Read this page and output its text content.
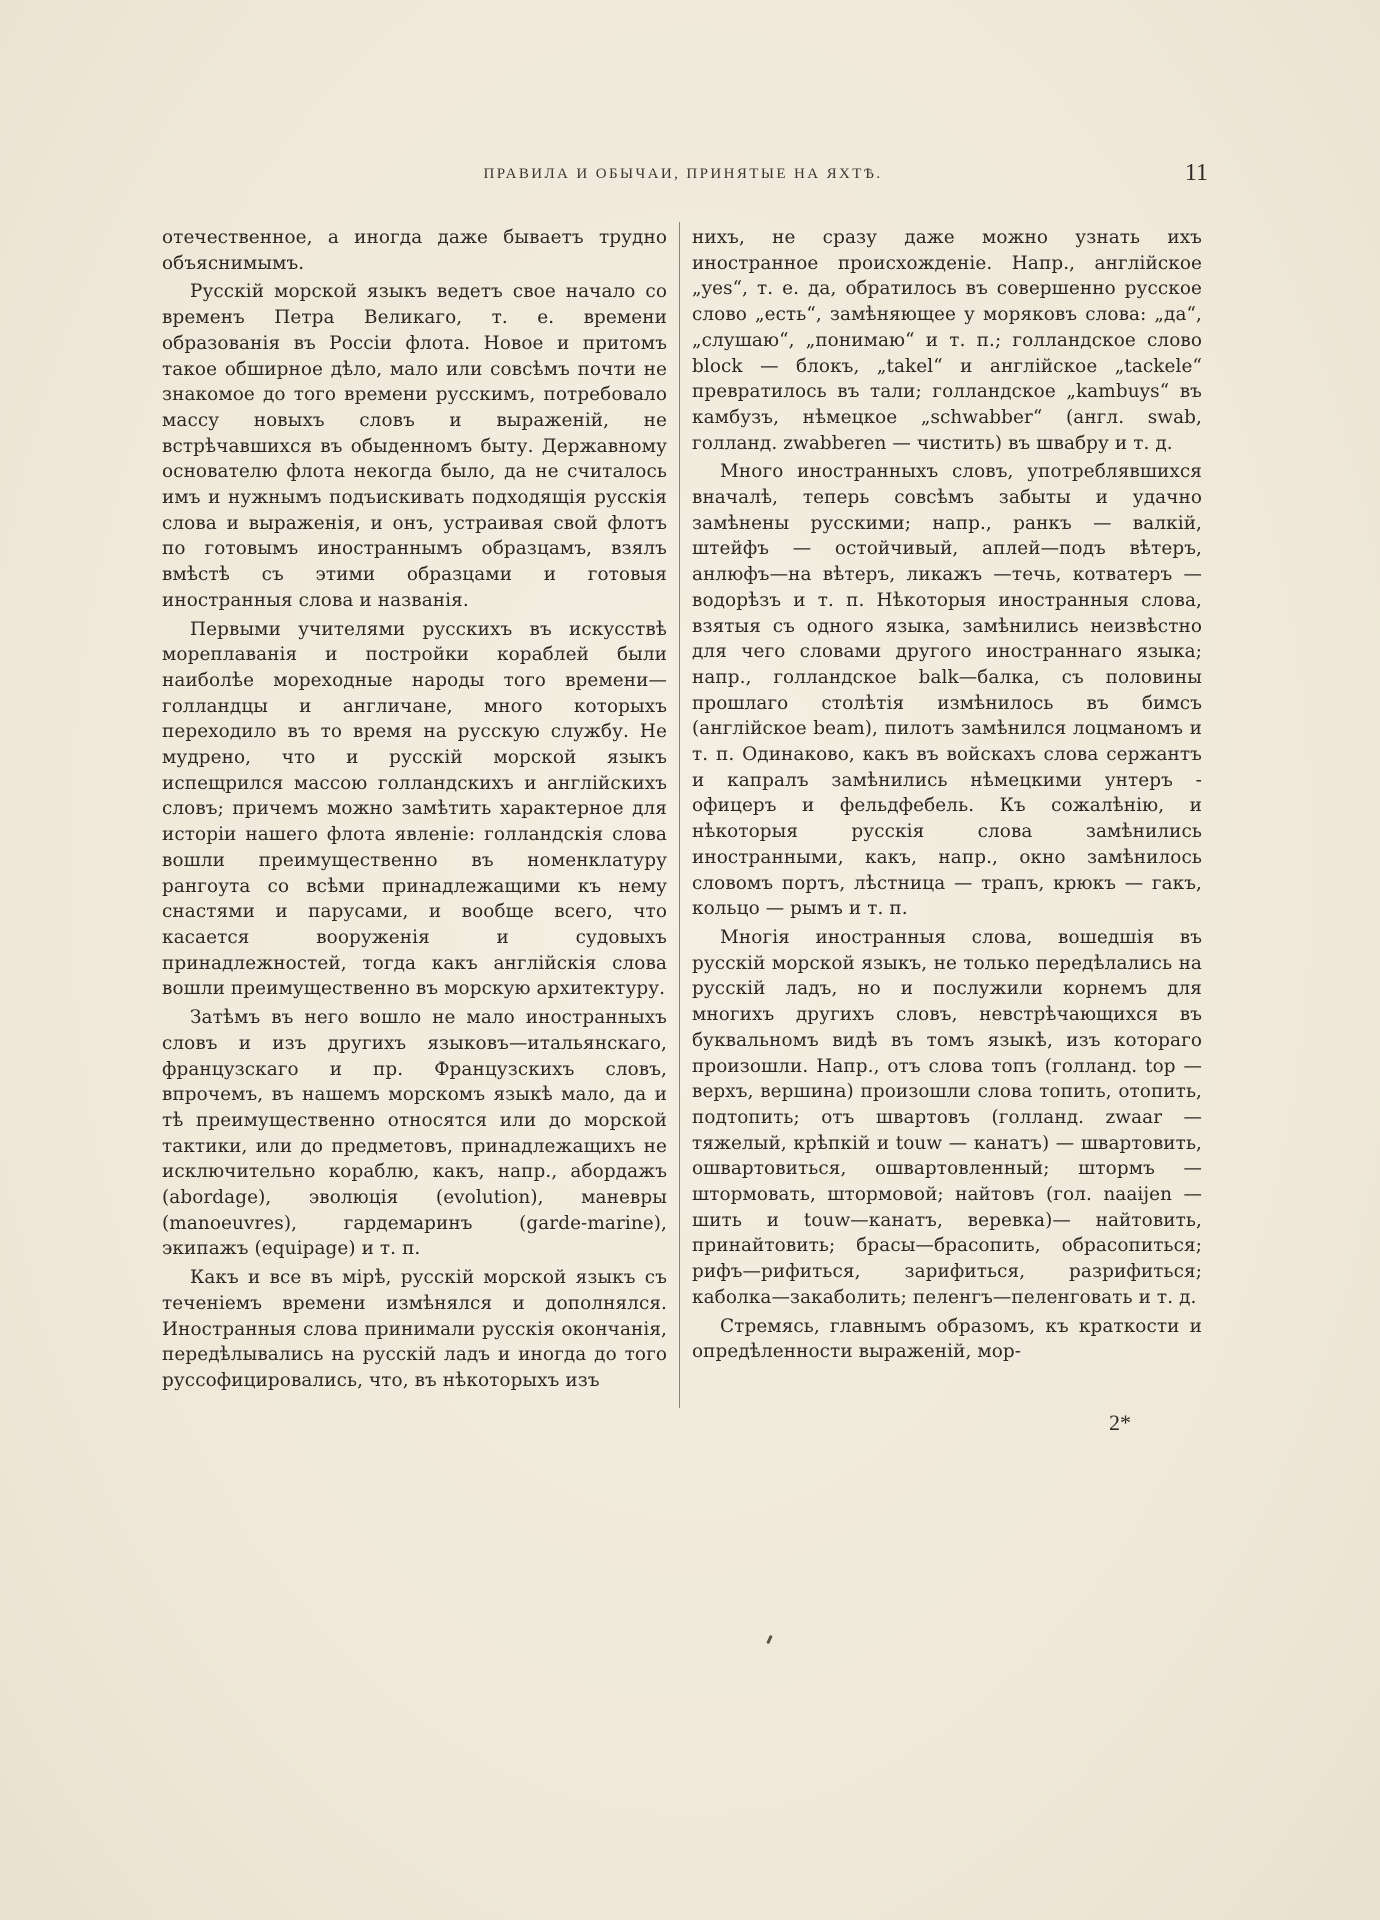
ПРАВИЛА И ОБЫЧАИ, ПРИНЯТЫЕ НА ЯХТѢ.	11

отечественное, а иногда даже бываетъ трудно объяснимымъ.

Русскій морской языкъ ведетъ свое начало со временъ Петра Великаго, т. е. времени образованія въ Россіи флота. Новое и притомъ такое обширное дѣло, мало или совсѣмъ почти не знакомое до того времени русскимъ, потребовало массу новыхъ словъ и выраженій, не встрѣчавшихся въ обыденномъ быту. Державному основателю флота некогда было, да не считалось имъ и нужнымъ подъискивать подходящія русскія слова и выраженія, и онъ, устраивая свой флотъ по готовымъ иностраннымъ образцамъ, взялъ вмѣстѣ съ этими образцами и готовыя иностранныя слова и названія.

Первыми учителями русскихъ въ искусствѣ мореплаванія и постройки кораблей были наиболѣе мореходные народы того времени—голландцы и англичане, много которыхъ переходило въ то время на русскую службу. Не мудрено, что и русскій морской языкъ испещрился массою голландскихъ и англійскихъ словъ; причемъ можно замѣтить характерное для исторіи нашего флота явленіе: голландскія слова вошли преимущественно въ номенклатуру рангоута со всѣми принадлежащими къ нему снастями и парусами, и вообще всего, что касается вооруженія и судовыхъ принадлежностей, тогда какъ англійскія слова вошли преимущественно въ морскую архитектуру.

Затѣмъ въ него вошло не мало иностранныхъ словъ и изъ другихъ языковъ—итальянскаго, французскаго и пр. Французскихъ словъ, впрочемъ, въ нашемъ морскомъ языкѣ мало, да и тѣ преимущественно относятся или до морской тактики, или до предметовъ, принадлежащихъ не исключительно кораблю, какъ, напр., абордажъ (abordage), эволюція (evolution), маневры (manoeuvres), гардемаринъ (garde-marine), экипажъ (equipage) и т. п.

Какъ и все въ мірѣ, русскій морской языкъ съ теченіемъ времени измѣнялся и дополнялся. Иностранныя слова принимали русскія окончанія, передѣлывались на русскій ладъ и иногда до того руссофицировались, что, въ нѣкоторыхъ изъ

нихъ, не сразу даже можно узнать ихъ иностранное происхожденіе. Напр., англійское „yes“, т. е. да, обратилось въ совершенно русское слово „есть“, замѣняющее у моряковъ слова: „да“, „слушаю“, „понимаю“ и т. п.; голландское слово block — блокъ, „takel“ и англійское „tackele“ превратилось въ тали; голландское „kambuys“ въ камбузъ, нѣмецкое „schwabber“ (англ. swab, голланд. zwabberen — чистить) въ швабру и т. д.

Много иностранныхъ словъ, употреблявшихся вначалѣ, теперь совсѣмъ забыты и удачно замѣнены русскими; напр., ранкъ — валкій, штейфъ — остойчивый, аплей—подъ вѣтеръ, анлюфъ—на вѣтеръ, ликажъ —течь, котватеръ — водорѣзъ и т. п. Нѣкоторыя иностранныя слова, взятыя съ одного языка, замѣнились неизвѣстно для чего словами другого иностраннаго языка; напр., голландское balk—балка, съ половины прошлаго столѣтія измѣнилось въ бимсъ (англійское beam), пилотъ замѣнился лоцманомъ и т. п. Одинаково, какъ въ войскахъ слова сержантъ и капралъ замѣнились нѣмецкими унтеръ - офицеръ и фельдфебель. Къ сожалѣнію, и нѣкоторыя русскія слова замѣнились иностранными, какъ, напр., окно замѣнилось словомъ портъ, лѣстница — трапъ, крюкъ — гакъ, кольцо — рымъ и т. п.

Многія иностранныя слова, вошедшія въ русскій морской языкъ, не только передѣлались на русскій ладъ, но и послужили корнемъ для многихъ другихъ словъ, невстрѣчающихся въ буквальномъ видѣ въ томъ языкѣ, изъ котораго произошли. Напр., отъ слова топъ (голланд. top — верхъ, вершина) произошли слова топить, отопить, подтопить; отъ швартовъ (голланд. zwaar — тяжелый, крѣпкій и touw — канатъ) — швартовить, ошвартовиться, ошвартовленный; штормъ — штормовать, штормовой; найтовъ (гол. naaijen — шить и touw—канатъ, веревка)— найтовить, принайтовить; брасы—брасопить, обрасопиться; рифъ—рифиться, зарифиться, разрифиться; каболка—закаболить; пеленгъ—пеленговать и т. д.

Стремясь, главнымъ образомъ, къ краткости и опредѣленности выраженій, мор-

2*
